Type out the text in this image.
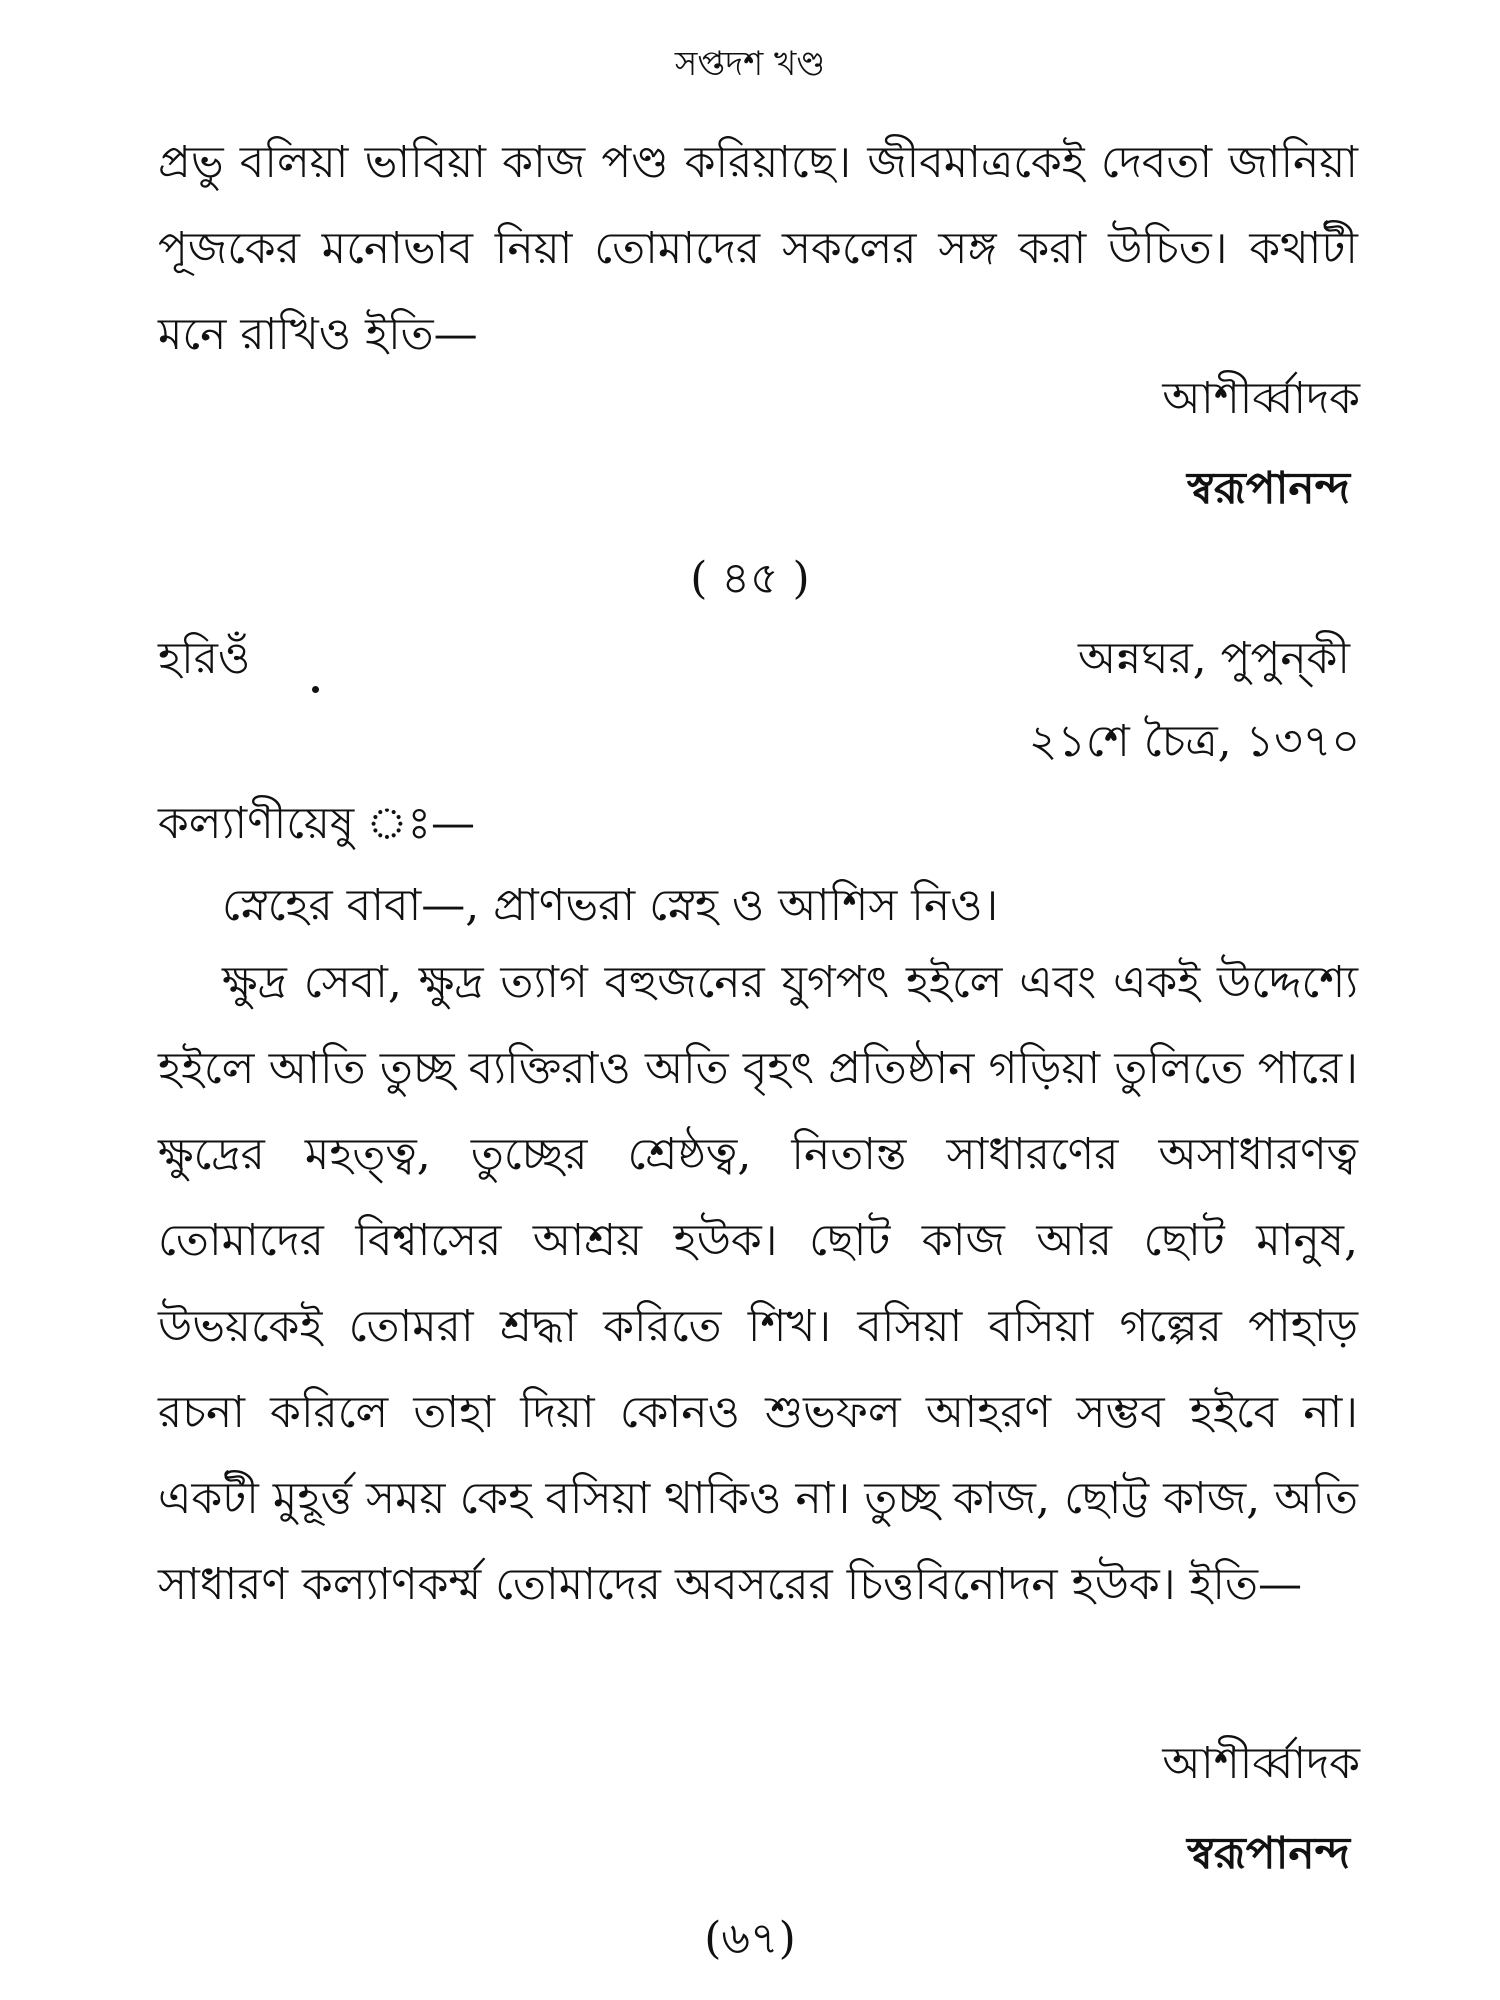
সপ্তদশ খণ্ড
প্রভু বলিয়া ভাবিয়া কাজ পণ্ড করিয়াছে। জীবমাত্রকেই দেবতা জানিয়া পূজকের মনোভাব নিয়া তোমাদের সকলের সঙ্গ করা উচিত। কথাটী মনে রাখিও ইতি—
আশীর্ব্বাদক
স্বরূপানন্দ
( ৪৫ )
হরিওঁ	অন্নঘর, পুপুন্‌কী
২১শে চৈত্র, ১৩৭০
কল্যাণীয়েষু ঃ—
স্নেহের বাবা—, প্রাণভরা স্নেহ ও আশিস নিও।
ক্ষুদ্র সেবা, ক্ষুদ্র ত্যাগ বহুজনের যুগপৎ হইলে এবং একই উদ্দেশ্যে হইলে আতি তুচ্ছ ব্যক্তিরাও অতি বৃহৎ প্রতিষ্ঠান গড়িয়া তুলিতে পারে। ক্ষুদ্রের মহত্ত্ব, তুচ্ছের শ্রেষ্ঠত্ব, নিতান্ত সাধারণের অসাধারণত্ব তোমাদের বিশ্বাসের আশ্রয় হউক। ছোট কাজ আর ছোট মানুষ, উভয়কেই তোমরা শ্রদ্ধা করিতে শিখ। বসিয়া বসিয়া গল্পের পাহাড় রচনা করিলে তাহা দিয়া কোনও শুভফল আহরণ সম্ভব হইবে না। একটী মুহূর্ত্ত সময় কেহ বসিয়া থাকিও না। তুচ্ছ কাজ, ছোট্ট কাজ, অতি সাধারণ কল্যাণকর্ম্ম তোমাদের অবসরের চিত্তবিনোদন হউক। ইতি—
আশীর্ব্বাদক
স্বরূপানন্দ
(৬৭)
